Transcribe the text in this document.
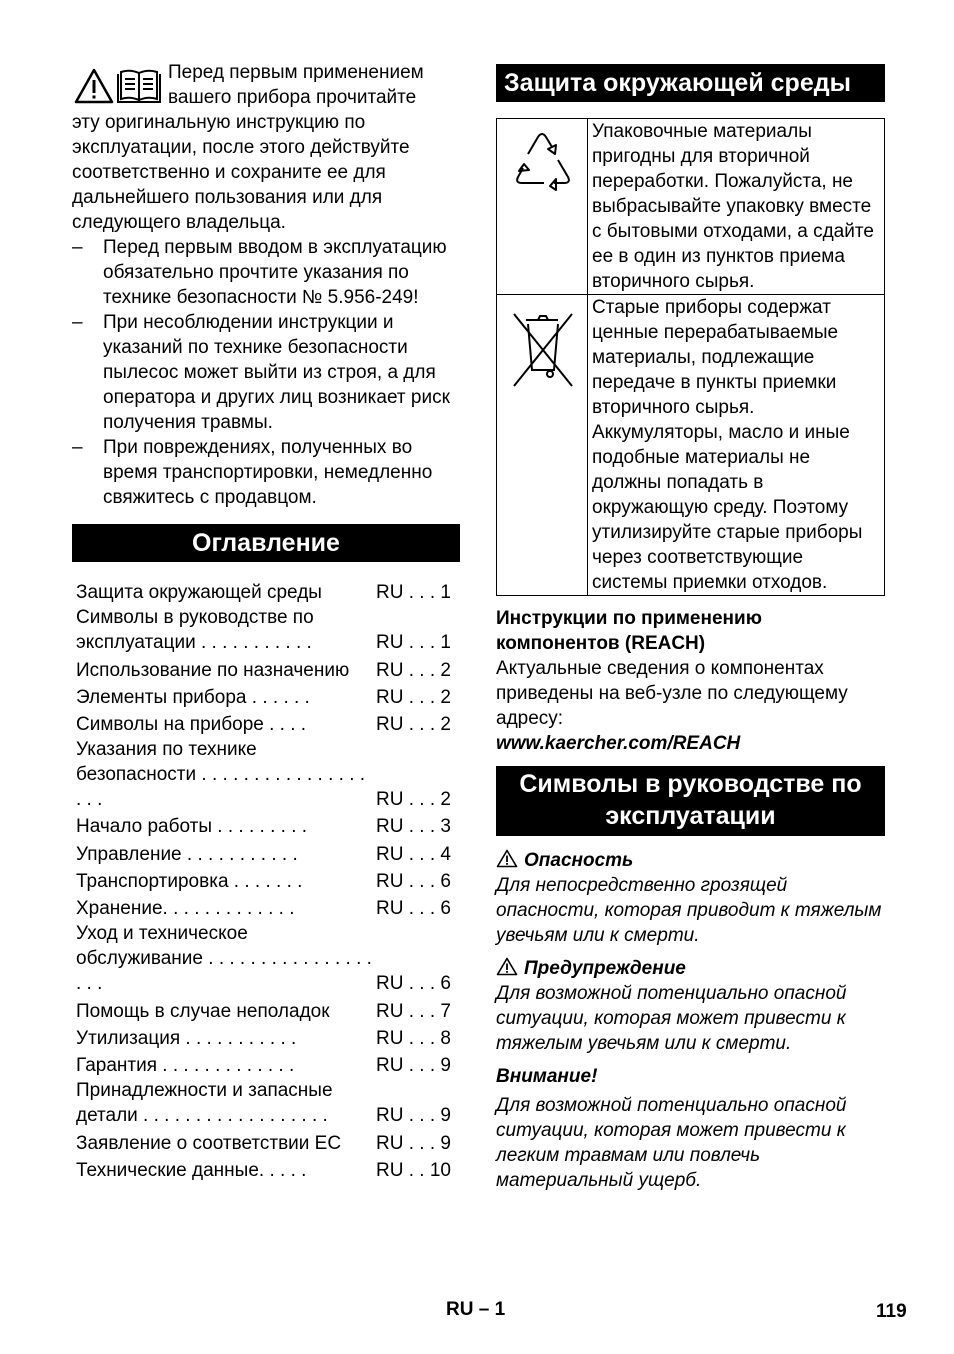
Перед первым применением вашего прибора прочитайте

эту оригинальную инструкцию по эксплуатации, после этого действуйте соответственно и сохраните ее для дальнейшего пользования или для следующего владельца.

– Перед первым вводом в эксплуатацию обязательно прочтите указания по технике безопасности № 5.956-249!
– При несоблюдении инструкции и указаний по технике безопасности пылесос может выйти из строя, а для оператора и других лиц возникает риск получения травмы.
– При повреждениях, полученных во время транспортировки, немедленно свяжитесь с продавцом.
Оглавление
Защита окружающей среды	RU . . . 1
Символы в руководстве по эксплуатации . . . . . . . . . . .	RU . . . 1
Использование по назначению	RU . . . 2
Элементы прибора . . . . . .	RU . . . 2
Символы на приборе . . . .	RU . . . 2
Указания по технике безопасности . . . . . . . . . . . . . . . . . . .	RU . . . 2
Начало работы . . . . . . . . .	RU . . . 3
Управление . . . . . . . . . . .	RU . . . 4
Транспортировка . . . . . . .	RU . . . 6
Хранение. . . . . . . . . . . . .	RU . . . 6
Уход и техническое обслуживание . . . . . . . . . . . . . . . . . . .	RU . . . 6
Помощь в случае неполадок	RU . . . 7
Утилизация . . . . . . . . . . .	RU . . . 8
Гарантия . . . . . . . . . . . . .	RU . . . 9
Принадлежности и запасные детали . . . . . . . . . . . . . . . . . .	RU . . . 9
Заявление о соответствии ЕС	RU . . . 9
Технические данные. . . . .	RU . . 10
Защита окружающей среды

Упаковочные материалы пригодны для вторичной переработки. Пожалуйста, не выбрасывайте упаковку вместе с бытовыми отходами, а сдайте ее в один из пунктов приема вторичного сырья.

Старые приборы содержат ценные перерабатываемые материалы, подлежащие передаче в пункты приемки вторичного сырья.

Аккумуляторы, масло и иные подобные материалы не должны попадать в окружающую среду. Поэтому утилизируйте старые приборы через соответствующие системы приемки отходов.

Инструкции по применению компонентов (REACH)

Актуальные сведения о компонентах приведены на веб-узле по следующему адресу:

www.kaercher.com/REACH

Символы в руководстве по эксплуатации

Опасность

Для непосредственно грозящей опасности, которая приводит к тяжелым увечьям или к смерти.

Предупреждение

Для возможной потенциально опасной ситуации, которая может привести к тяжелым увечьям или к смерти.

Внимание!

Для возможной потенциально опасной ситуации, которая может привести к легким травмам или повлечь материальный ущерб.

RU – 1	119
